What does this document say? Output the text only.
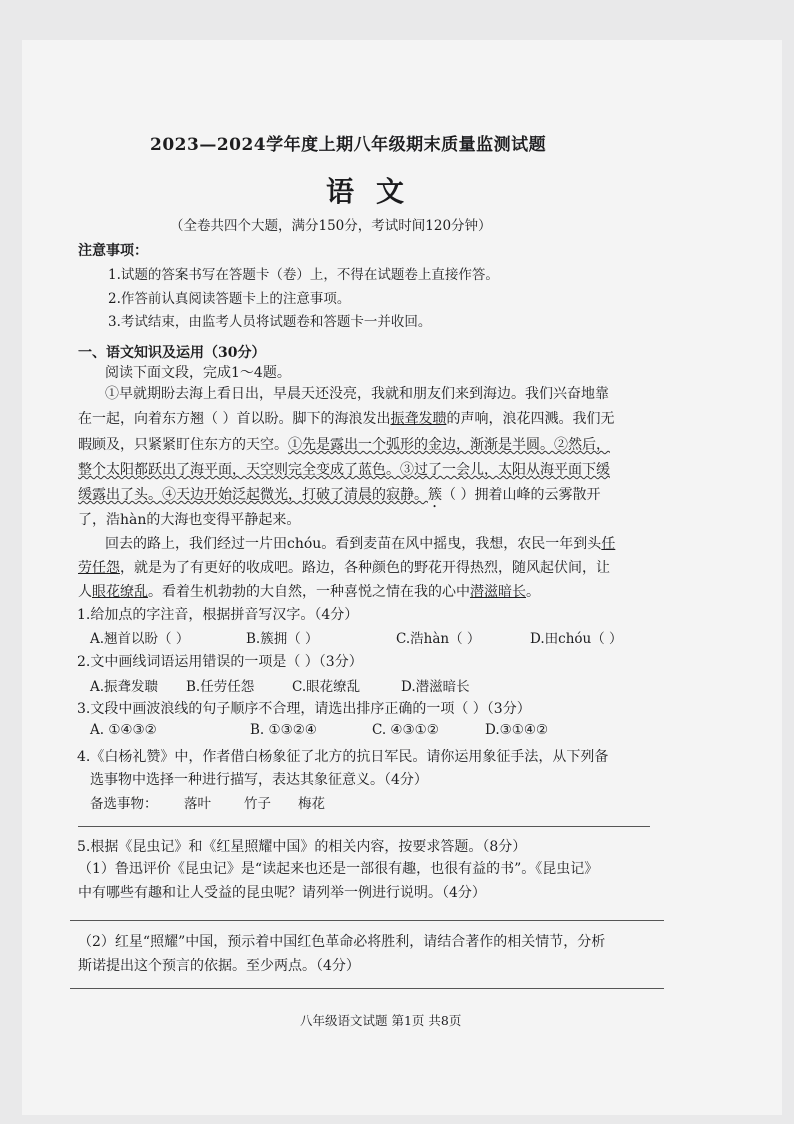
2023—2024学年度上期八年级期末质量监测试题
语文
（全卷共四个大题，满分150分，考试时间120分钟）
注意事项：
1.试题的答案书写在答题卡（卷）上，不得在试题卷上直接作答。
2.作答前认真阅读答题卡上的注意事项。
3.考试结束，由监考人员将试题卷和答题卡一并收回。
一、语文知识及运用（30分）
阅读下面文段，完成1～4题。
①早就期盼去海上看日出，早晨天还没亮，我就和朋友们来到海边。我们兴奋地靠
在一起，向着东方翘（ ）首以盼。脚下的海浪发出振聋发聩的声响，浪花四溅。我们无
暇顾及，只紧紧盯住东方的天空。①先是露出一个弧形的金边，渐渐是半圆。②然后，
整个太阳都跃出了海平面，天空则完全变成了蓝色。③过了一会儿，太阳从海平面下缓
缓露出了头。④天边开始泛起微光，打破了清晨的寂静。簇（ ）拥着山峰的云雾散开
了，浩hàn的大海也变得平静起来。
回去的路上，我们经过一片田chóu。看到麦苗在风中摇曳，我想，农民一年到头任
劳任怨，就是为了有更好的收成吧。路边，各种颜色的野花开得热烈，随风起伏间，让
人眼花缭乱。看着生机勃勃的大自然，一种喜悦之情在我的心中潜滋暗长。
1.给加点的字注音，根据拼音写汉字。（4分）
A.翘首以盼（ ）	B.簇拥（ ）	C.浩hàn（ ）	D.田chóu（ ）
2.文中画线词语运用错误的一项是（ ）（3分）
A.振聋发聩 B.任劳任怨	C.眼花缭乱	D.潜滋暗长
3.文段中画波浪线的句子顺序不合理，请选出排序正确的一项（ ）（3分）
A. ①④③②	B. ①③②④	C. ④③①②	D.③①④②
4.《白杨礼赞》中，作者借白杨象征了北方的抗日军民。请你运用象征手法，从下列备
选事物中选择一种进行描写，表达其象征意义。（4分）
备选事物： 落叶 竹子 梅花
5.根据《昆虫记》和《红星照耀中国》的相关内容，按要求答题。（8分）
（1）鲁迅评价《昆虫记》是“读起来也还是一部很有趣，也很有益的书”。《昆虫记》
中有哪些有趣和让人受益的昆虫呢？请列举一例进行说明。（4分）
（2）红星“照耀”中国，预示着中国红色革命必将胜利，请结合著作的相关情节，分析
斯诺提出这个预言的依据。至少两点。（4分）
八年级语文试题 第1页 共8页
